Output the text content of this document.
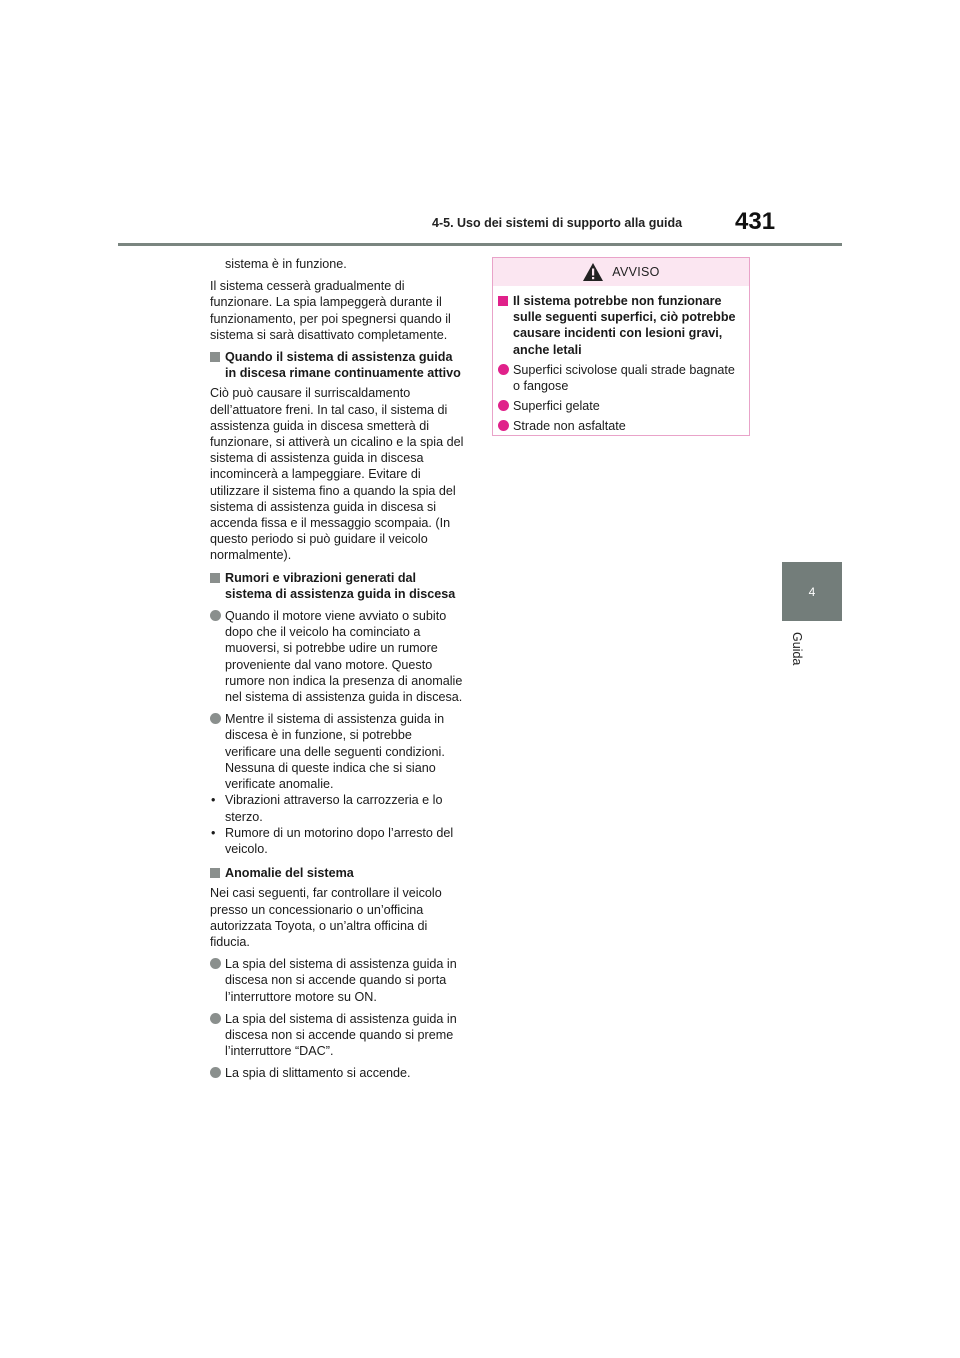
4-5. Uso dei sistemi di supporto alla guida 431
4
Guida

sistema è in funzione.

Il sistema cesserà gradualmente di funzionare. La spia lampeggerà durante il funzionamento, per poi spegnersi quando il sistema si sarà disattivato completamente.

Quando il sistema di assistenza guida in discesa rimane continuamente attivo

Ciò può causare il surriscaldamento dell’attuatore freni. In tal caso, il sistema di assistenza guida in discesa smetterà di funzionare, si attiverà un cicalino e la spia del sistema di assistenza guida in discesa incomincerà a lampeggiare. Evitare di utilizzare il sistema fino a quando la spia del sistema di assistenza guida in discesa si accenda fissa e il messaggio scompaia. (In questo periodo si può guidare il veicolo normalmente).

Rumori e vibrazioni generati dal sistema di assistenza guida in discesa
Quando il motore viene avviato o subito dopo che il veicolo ha cominciato a muoversi, si potrebbe udire un rumore proveniente dal vano motore. Questo rumore non indica la presenza di anomalie nel sistema di assistenza guida in discesa.
Mentre il sistema di assistenza guida in discesa è in funzione, si potrebbe verificare una delle seguenti condizioni. Nessuna di queste indica che si siano verificate anomalie.
• Vibrazioni attraverso la carrozzeria e lo sterzo.
• Rumore di un motorino dopo l’arresto del veicolo.
Anomalie del sistema

Nei casi seguenti, far controllare il veicolo presso un concessionario o un’officina autorizzata Toyota, o un’altra officina di fiducia.

La spia del sistema di assistenza guida in discesa non si accende quando si porta l’interruttore motore su ON.
La spia del sistema di assistenza guida in discesa non si accende quando si preme l’interruttore “DAC”.
La spia di slittamento si accende.
AVVISO
Il sistema potrebbe non funzionare sulle seguenti superfici, ciò potrebbe causare incidenti con lesioni gravi, anche letali
Superfici scivolose quali strade bagnate o fangose
Superfici gelate
Strade non asfaltate
